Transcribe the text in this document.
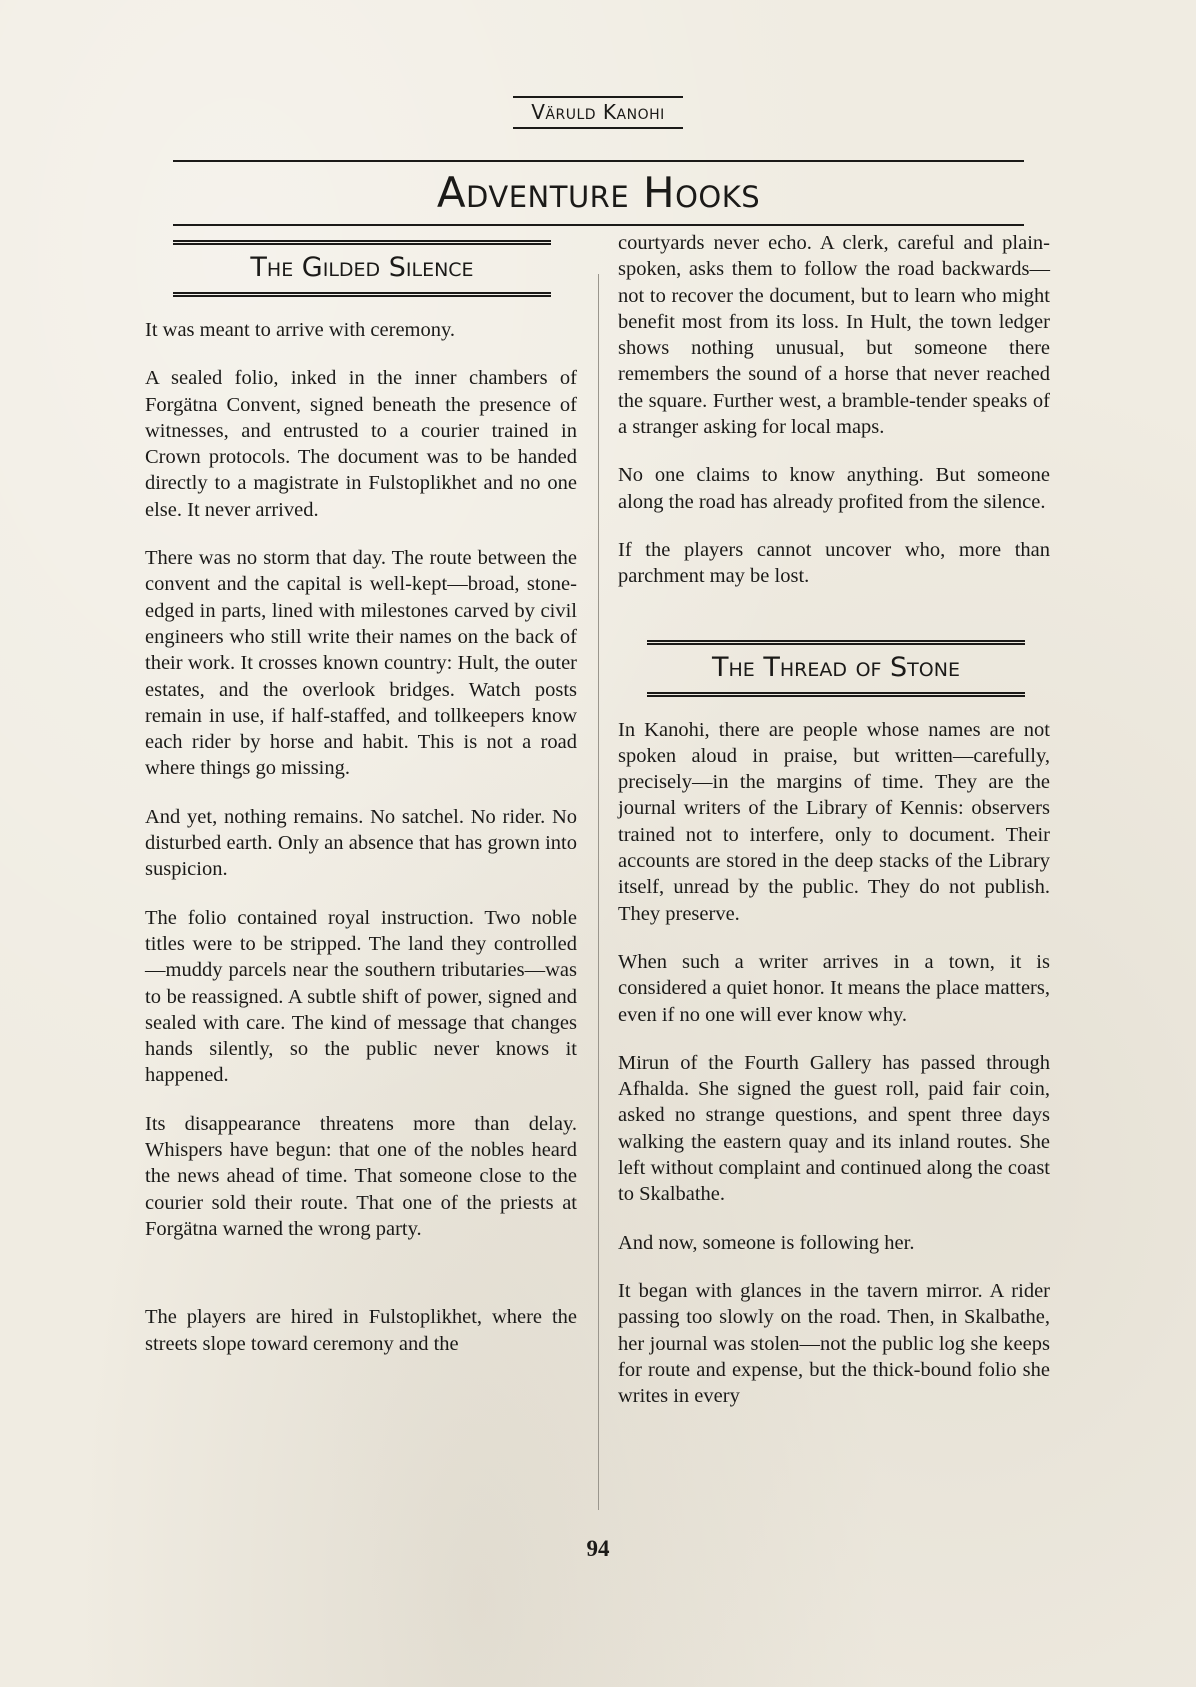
Väruld Kanohi
Adventure Hooks
The Gilded Silence

It was meant to arrive with ceremony.

A sealed folio, inked in the inner chambers of Forgätna Convent, signed beneath the presence of witnesses, and entrusted to a courier trained in Crown protocols. The document was to be handed directly to a magistrate in Fulstoplikhet and no one else. It never arrived.

There was no storm that day. The route between the convent and the capital is well-kept—broad, stone-edged in parts, lined with milestones carved by civil engineers who still write their names on the back of their work. It crosses known country: Hult, the outer estates, and the overlook bridges. Watch posts remain in use, if half-staffed, and tollkeepers know each rider by horse and habit. This is not a road where things go missing.

And yet, nothing remains. No satchel. No rider. No disturbed earth. Only an absence that has grown into suspicion.

The folio contained royal instruction. Two noble titles were to be stripped. The land they controlled—muddy parcels near the southern tributaries—was to be reassigned. A subtle shift of power, signed and sealed with care. The kind of message that changes hands silently, so the public never knows it happened.

Its disappearance threatens more than delay. Whispers have begun: that one of the nobles heard the news ahead of time. That someone close to the courier sold their route. That one of the priests at Forgätna warned the wrong party.

The players are hired in Fulstoplikhet, where the streets slope toward ceremony and the

courtyards never echo. A clerk, careful and plain-spoken, asks them to follow the road backwards—not to recover the document, but to learn who might benefit most from its loss. In Hult, the town ledger shows nothing unusual, but someone there remembers the sound of a horse that never reached the square. Further west, a bramble-tender speaks of a stranger asking for local maps.

No one claims to know anything. But someone along the road has already profited from the silence.

If the players cannot uncover who, more than parchment may be lost.

The Thread of Stone

In Kanohi, there are people whose names are not spoken aloud in praise, but written—carefully, precisely—in the margins of time. They are the journal writers of the Library of Kennis: observers trained not to interfere, only to document. Their accounts are stored in the deep stacks of the Library itself, unread by the public. They do not publish. They preserve.

When such a writer arrives in a town, it is considered a quiet honor. It means the place matters, even if no one will ever know why.

Mirun of the Fourth Gallery has passed through Afhalda. She signed the guest roll, paid fair coin, asked no strange questions, and spent three days walking the eastern quay and its inland routes. She left without complaint and continued along the coast to Skalbathe.

And now, someone is following her.

It began with glances in the tavern mirror. A rider passing too slowly on the road. Then, in Skalbathe, her journal was stolen—not the public log she keeps for route and expense, but the thick-bound folio she writes in every

94
